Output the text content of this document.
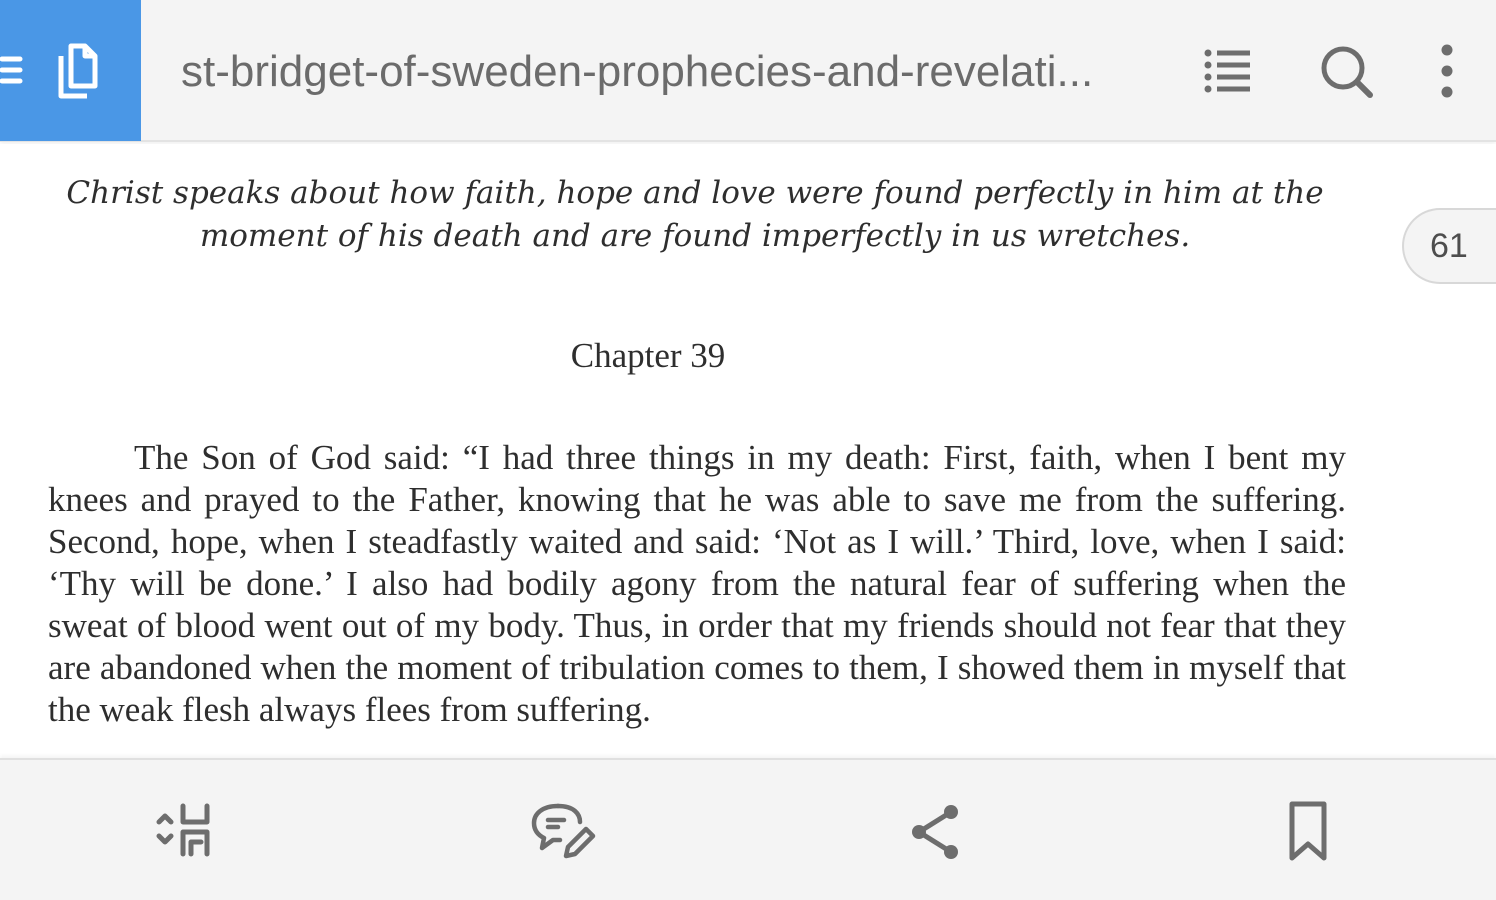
st-bridget-of-sweden-prophecies-and-revelati...
Christ speaks about how faith, hope and love were found perfectly in him at the moment of his death and are found imperfectly in us wretches.
Chapter 39

The Son of God said: “I had three things in my death: First, faith, when I bent my knees and prayed to the Father, knowing that he was able to save me from the suffering. Second, hope, when I steadfastly waited and said: ‘Not as I will.’ Third, love, when I said: ‘Thy will be done.’ I also had bodily agony from the natural fear of suffering when the sweat of blood went out of my body. Thus, in order that my friends should not fear that they are abandoned when the moment of tribulation comes to them, I showed them in myself that the weak flesh always flees from suffering.

61
